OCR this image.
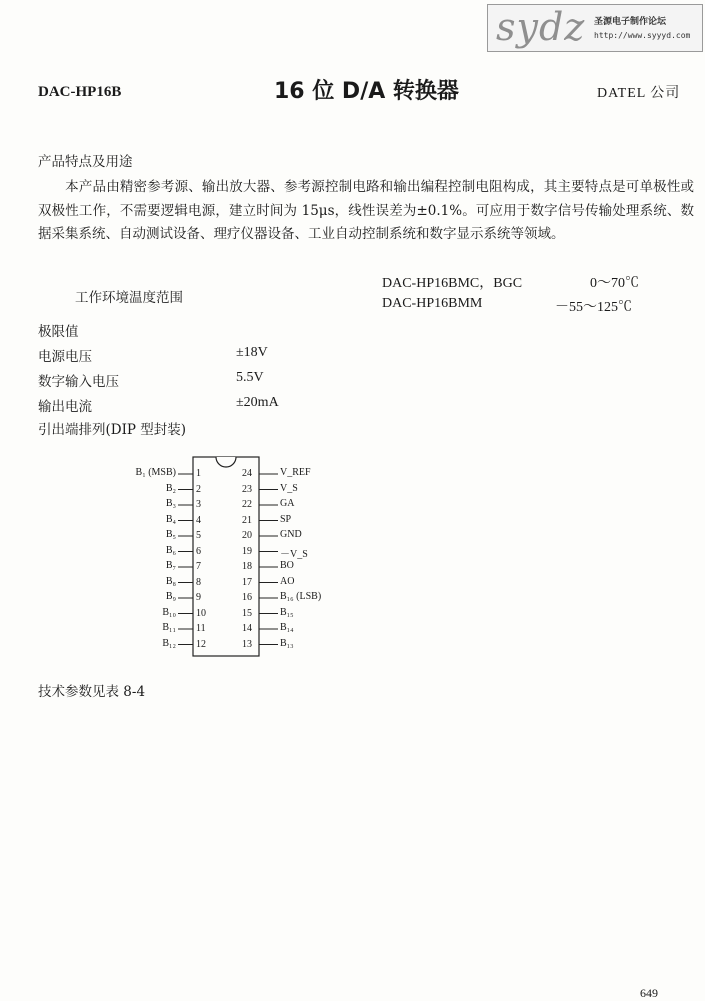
sydz 圣源电子制作论坛
http://www.syyyd.com
DAC-HP16B	16 位 D/A 转换器	DATEL 公司
产品特点及用途
本产品由精密参考源、输出放大器、参考源控制电路和输出编程控制电阻构成，其主要特点是可单极性或双极性工作，不需要逻辑电源，建立时间为 15μs，线性误差为±0.1%。可应用于数字信号传输处理系统、数据采集系统、自动测试设备、理疗仪器设备、工业自动控制系统和数字显示系统等领域。
工作环境温度范围
DAC-HP16BMC，BGC	0～70℃
DAC-HP16BMM	－55～125℃
极限值
电源电压	±18V
数字输入电压	5.5V
输出电流	±20mA
引出端排列(DIP 型封装)
B₁ (MSB) 1
B₂ 2
B₃ 3
B₄ 4
B₅ 5
B₆ 6
B₇ 7
B₈ 8
B₉ 9
B₁₀ 10
B₁₁ 11
B₁₂ 12
V_REF
24
V_S
23
GA
22
SP
21
GND
20
－V_S
19
BO
18
AO
17
B₁₆ (LSB)
16
B₁₅
15
B₁₄
14
B₁₃
13
技术参数见表 8-4
649
